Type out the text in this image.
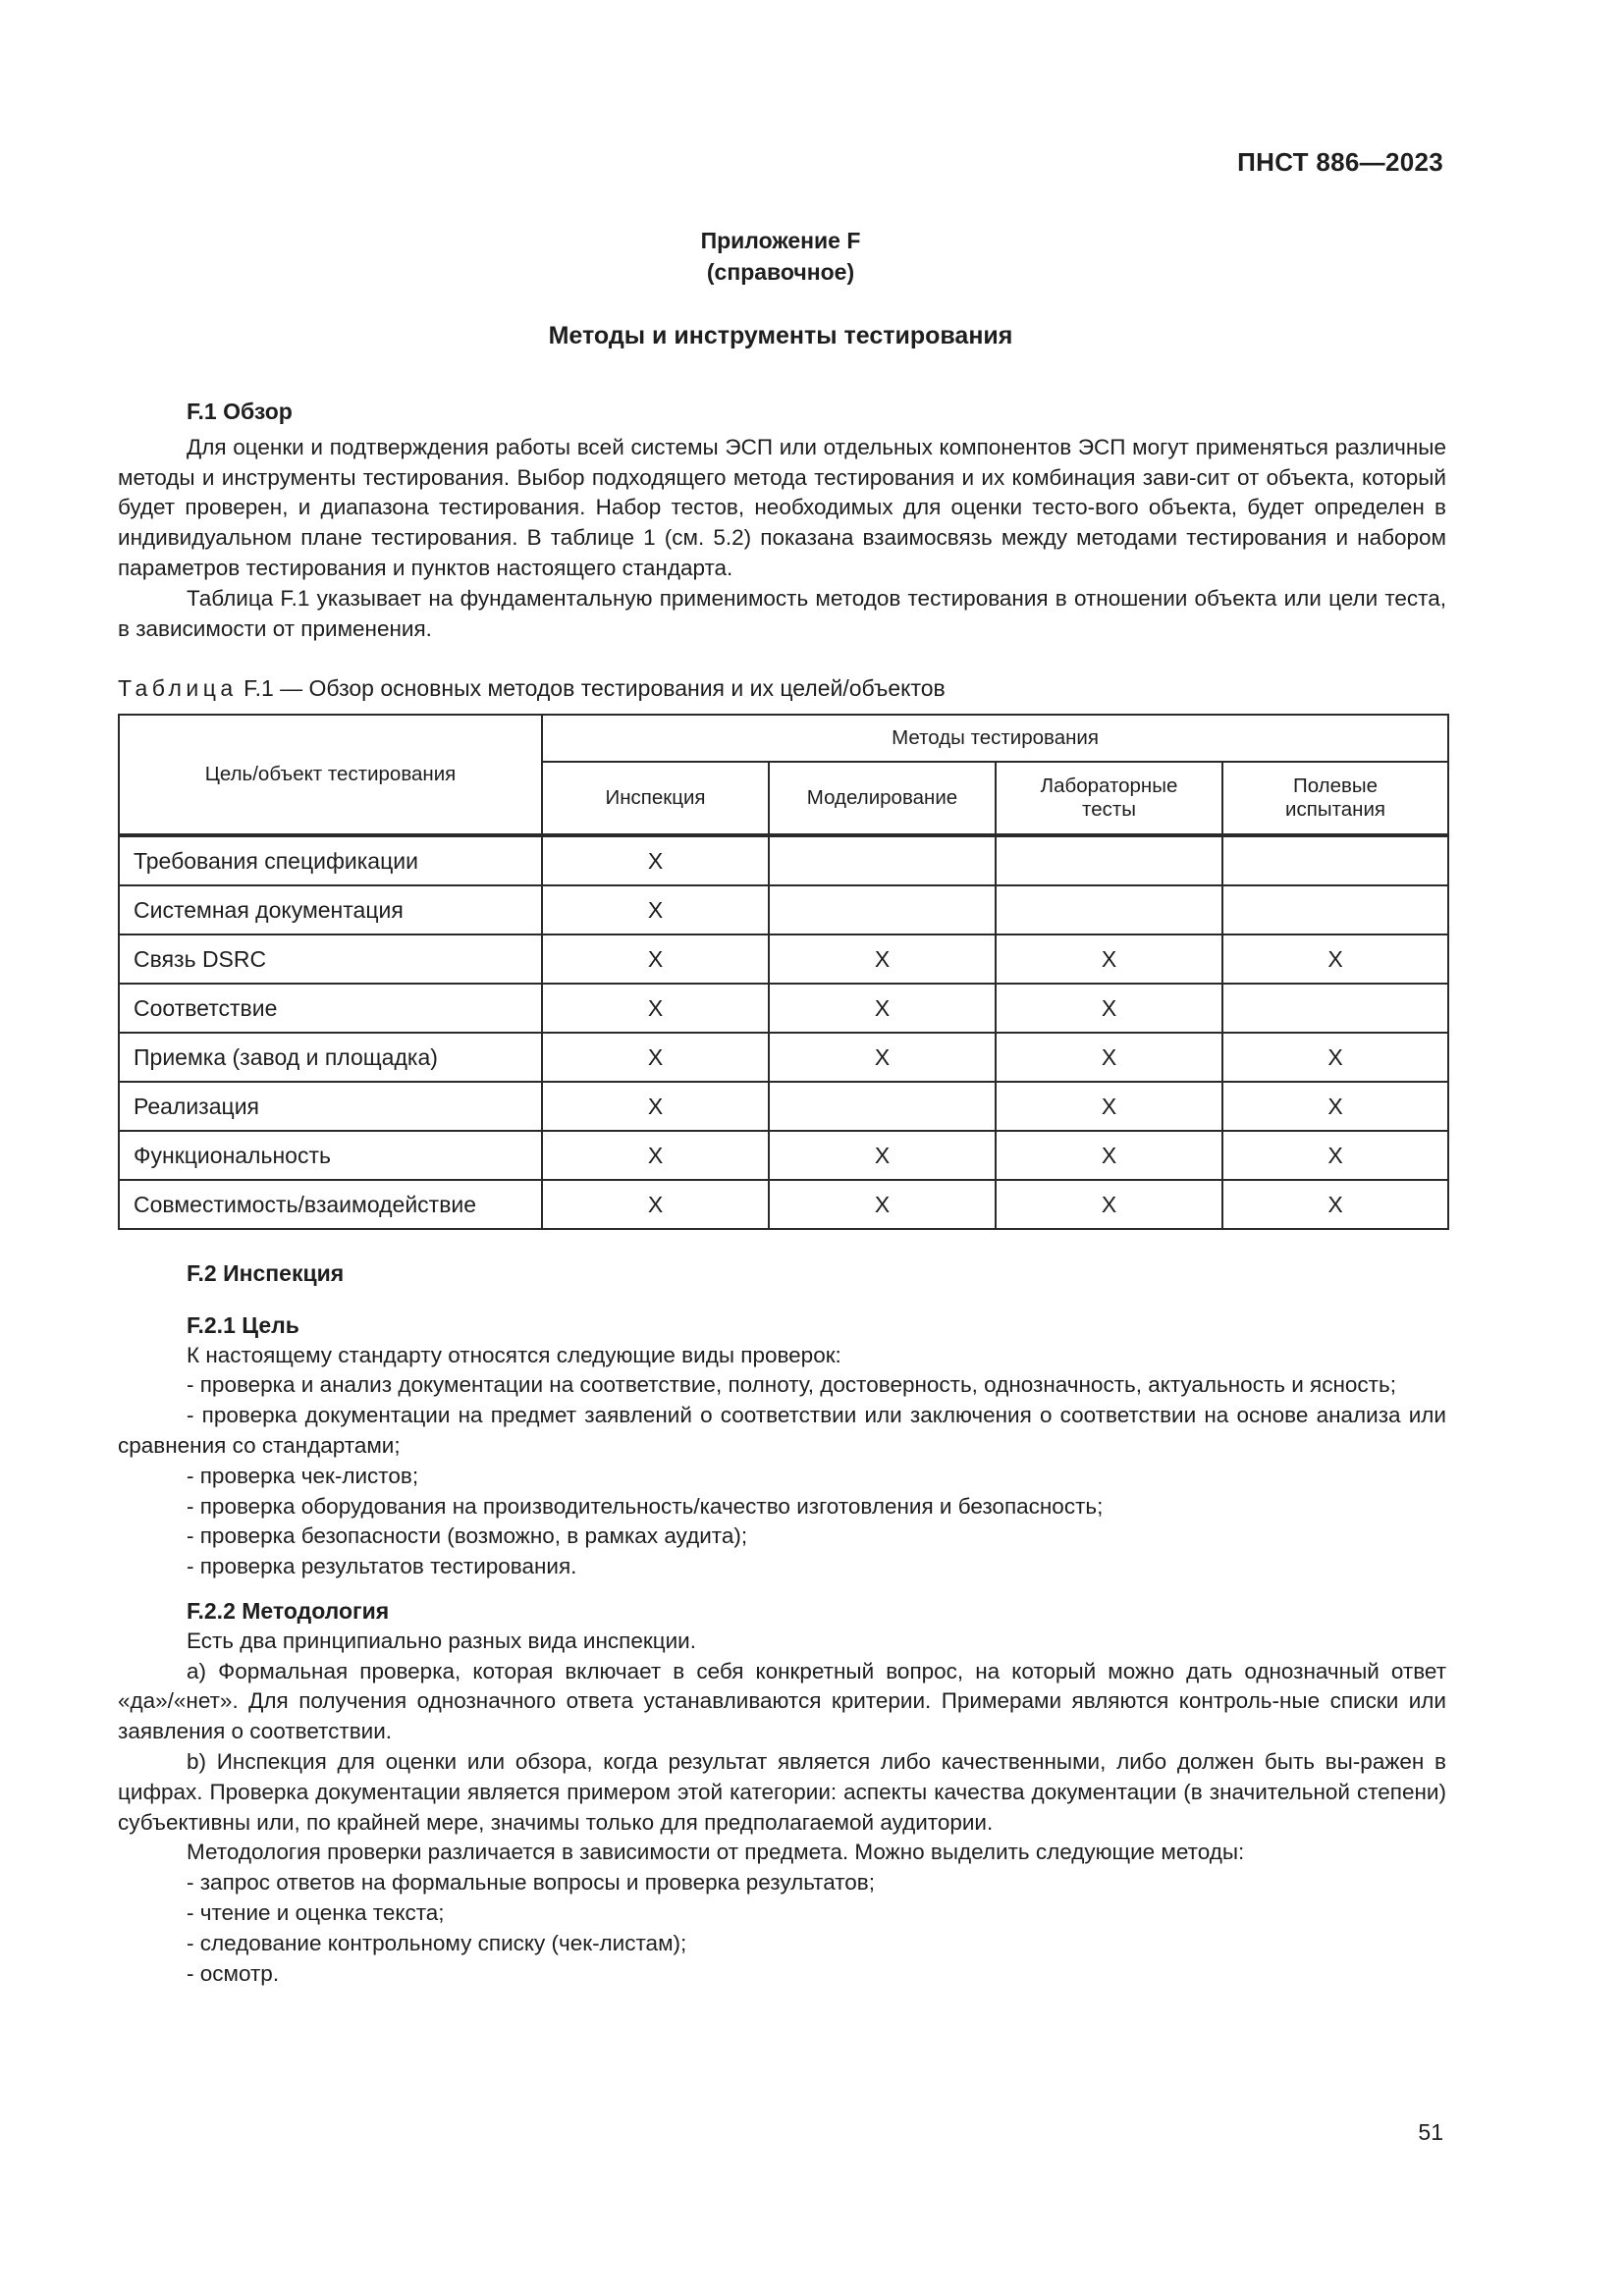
ПНСТ 886—2023
Приложение F
(справочное)
Методы и инструменты тестирования

F.1 Обзор

Для оценки и подтверждения работы всей системы ЭСП или отдельных компонентов ЭСП могут применяться различные методы и инструменты тестирования. Выбор подходящего метода тестирования и их комбинация зави-сит от объекта, который будет проверен, и диапазона тестирования. Набор тестов, необходимых для оценки тесто-вого объекта, будет определен в индивидуальном плане тестирования. В таблице 1 (см. 5.2) показана взаимосвязь между методами тестирования и набором параметров тестирования и пунктов настоящего стандарта.

Таблица F.1 указывает на фундаментальную применимость методов тестирования в отношении объекта или цели теста, в зависимости от применения.

Таблица F.1 — Обзор основных методов тестирования и их целей/объектов
Цель/объект тестирования	Методы тестирования			
	Инспекция	Моделирование	Лабораторные тесты	Полевые испытания
Требования спецификации	X			
Системная документация	X			
Связь DSRC	X	X	X	X
Соответствие	X	X	X	
Приемка (завод и площадка)	X	X	X	X
Реализация	X		X	X
Функциональность	X	X	X	X
Совместимость/взаимодействие	X	X	X	X

F.2 Инспекция

F.2.1 Цель

К настоящему стандарту относятся следующие виды проверок:

- проверка и анализ документации на соответствие, полноту, достоверность, однозначность, актуальность и ясность;

- проверка документации на предмет заявлений о соответствии или заключения о соответствии на основе анализа или сравнения со стандартами;

- проверка чек-листов;

- проверка оборудования на производительность/качество изготовления и безопасность;

- проверка безопасности (возможно, в рамках аудита);

- проверка результатов тестирования.

F.2.2 Методология

Есть два принципиально разных вида инспекции.

a) Формальная проверка, которая включает в себя конкретный вопрос, на который можно дать однозначный ответ «да»/«нет». Для получения однозначного ответа устанавливаются критерии. Примерами являются контроль-ные списки или заявления о соответствии.

b) Инспекция для оценки или обзора, когда результат является либо качественными, либо должен быть вы-ражен в цифрах. Проверка документации является примером этой категории: аспекты качества документации (в значительной степени) субъективны или, по крайней мере, значимы только для предполагаемой аудитории.

Методология проверки различается в зависимости от предмета. Можно выделить следующие методы:

- запрос ответов на формальные вопросы и проверка результатов;

- чтение и оценка текста;

- следование контрольному списку (чек-листам);

- осмотр.

51
